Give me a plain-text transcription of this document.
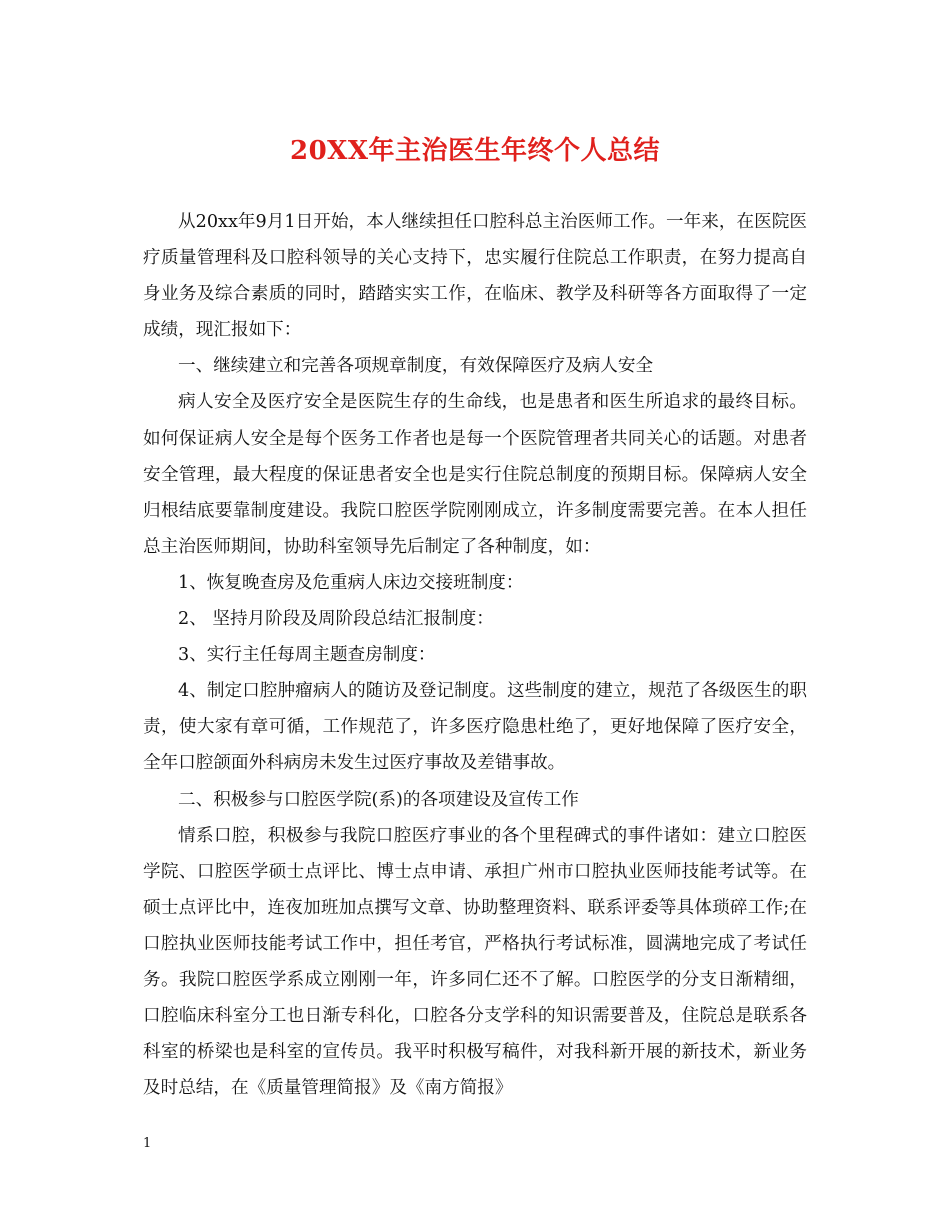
20XX年主治医生年终个人总结

从20xx年9月1日开始，本人继续担任口腔科总主治医师工作。一年来，在医院医疗质量管理科及口腔科领导的关心支持下，忠实履行住院总工作职责，在努力提高自身业务及综合素质的同时，踏踏实实工作，在临床、教学及科研等各方面取得了一定成绩，现汇报如下：

一、继续建立和完善各项规章制度，有效保障医疗及病人安全

病人安全及医疗安全是医院生存的生命线，也是患者和医生所追求的最终目标。如何保证病人安全是每个医务工作者也是每一个医院管理者共同关心的话题。对患者安全管理，最大程度的保证患者安全也是实行住院总制度的预期目标。保障病人安全归根结底要靠制度建设。我院口腔医学院刚刚成立，许多制度需要完善。在本人担任总主治医师期间，协助科室领导先后制定了各种制度，如：

1、恢复晚查房及危重病人床边交接班制度：

2、 坚持月阶段及周阶段总结汇报制度：

3、实行主任每周主题查房制度：

4、制定口腔肿瘤病人的随访及登记制度。这些制度的建立，规范了各级医生的职责，使大家有章可循，工作规范了，许多医疗隐患杜绝了，更好地保障了医疗安全，全年口腔颌面外科病房未发生过医疗事故及差错事故。

二、积极参与口腔医学院(系)的各项建设及宣传工作

情系口腔，积极参与我院口腔医疗事业的各个里程碑式的事件诸如：建立口腔医学院、口腔医学硕士点评比、博士点申请、承担广州市口腔执业医师技能考试等。在硕士点评比中，连夜加班加点撰写文章、协助整理资料、联系评委等具体琐碎工作;在口腔执业医师技能考试工作中，担任考官，严格执行考试标准，圆满地完成了考试任务。我院口腔医学系成立刚刚一年，许多同仁还不了解。口腔医学的分支日渐精细，口腔临床科室分工也日渐专科化，口腔各分支学科的知识需要普及，住院总是联系各科室的桥梁也是科室的宣传员。我平时积极写稿件，对我科新开展的新技术，新业务及时总结，在《质量管理简报》及《南方简报》

1
